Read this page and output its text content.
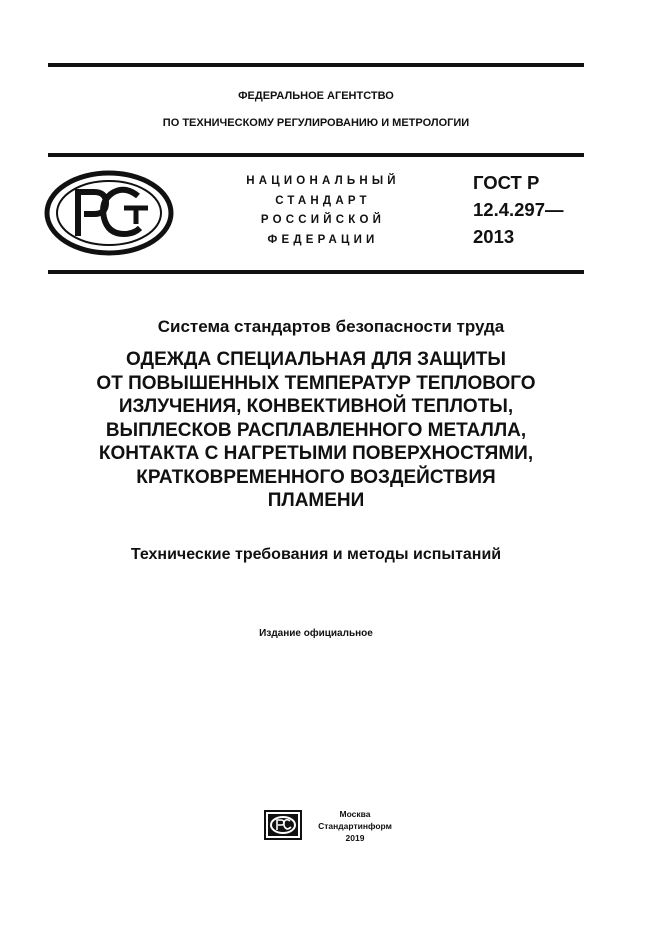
ФЕДЕРАЛЬНОЕ АГЕНТСТВО
ПО ТЕХНИЧЕСКОМУ РЕГУЛИРОВАНИЮ И МЕТРОЛОГИИ
НАЦИОНАЛЬНЫЙ
СТАНДАРТ
РОССИЙСКОЙ
ФЕДЕРАЦИИ
ГОСТ Р
12.4.297—
2013
Система стандартов безопасности труда
ОДЕЖДА СПЕЦИАЛЬНАЯ ДЛЯ ЗАЩИТЫ
ОТ ПОВЫШЕННЫХ ТЕМПЕРАТУР ТЕПЛОВОГО
ИЗЛУЧЕНИЯ, КОНВЕКТИВНОЙ ТЕПЛОТЫ,
ВЫПЛЕСКОВ РАСПЛАВЛЕННОГО МЕТАЛЛА,
КОНТАКТА С НАГРЕТЫМИ ПОВЕРХНОСТЯМИ,
КРАТКОВРЕМЕННОГО ВОЗДЕЙСТВИЯ
ПЛАМЕНИ
Технические требования и методы испытаний
Издание официальное
Москва
Стандартинформ
2019
